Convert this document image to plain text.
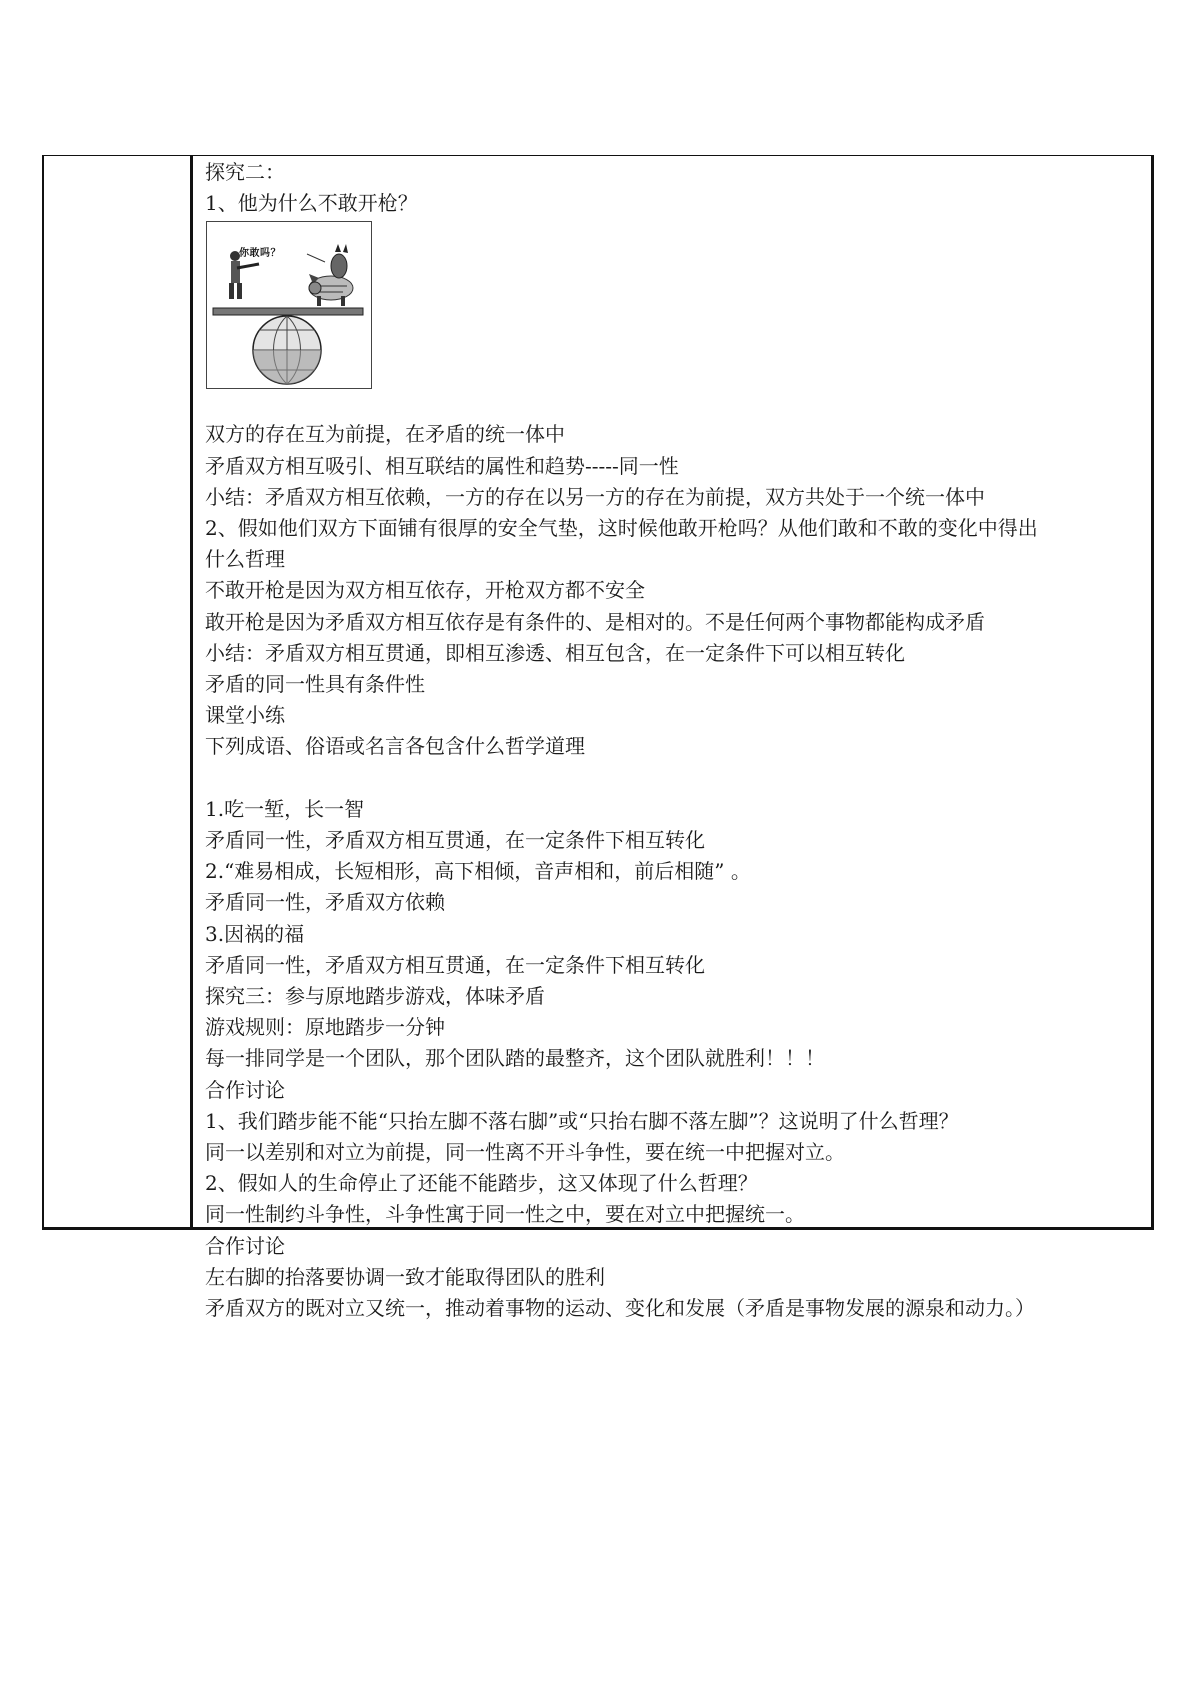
探究二：
1、他为什么不敢开枪？
你敢吗？
双方的存在互为前提，在矛盾的统一体中
矛盾双方相互吸引、相互联结的属性和趋势-----同一性
小结：矛盾双方相互依赖，一方的存在以另一方的存在为前提，双方共处于一个统一体中
2、假如他们双方下面铺有很厚的安全气垫，这时候他敢开枪吗？从他们敢和不敢的变化中得出
什么哲理
不敢开枪是因为双方相互依存，开枪双方都不安全
敢开枪是因为矛盾双方相互依存是有条件的、是相对的。不是任何两个事物都能构成矛盾
小结：矛盾双方相互贯通，即相互渗透、相互包含，在一定条件下可以相互转化
矛盾的同一性具有条件性
课堂小练
下列成语、俗语或名言各包含什么哲学道理
1.吃一堑，长一智
矛盾同一性，矛盾双方相互贯通，在一定条件下相互转化
2.“难易相成，长短相形，高下相倾，音声相和，前后相随” 。
矛盾同一性，矛盾双方依赖
3.因祸的福
矛盾同一性，矛盾双方相互贯通，在一定条件下相互转化
探究三：参与原地踏步游戏，体味矛盾
游戏规则：原地踏步一分钟
每一排同学是一个团队，那个团队踏的最整齐，这个团队就胜利！！！
合作讨论
1、我们踏步能不能“只抬左脚不落右脚”或“只抬右脚不落左脚”？这说明了什么哲理？
同一以差别和对立为前提，同一性离不开斗争性，要在统一中把握对立。
2、假如人的生命停止了还能不能踏步，这又体现了什么哲理？
同一性制约斗争性，斗争性寓于同一性之中，要在对立中把握统一。
合作讨论
左右脚的抬落要协调一致才能取得团队的胜利
矛盾双方的既对立又统一，推动着事物的运动、变化和发展（矛盾是事物发展的源泉和动力。）
